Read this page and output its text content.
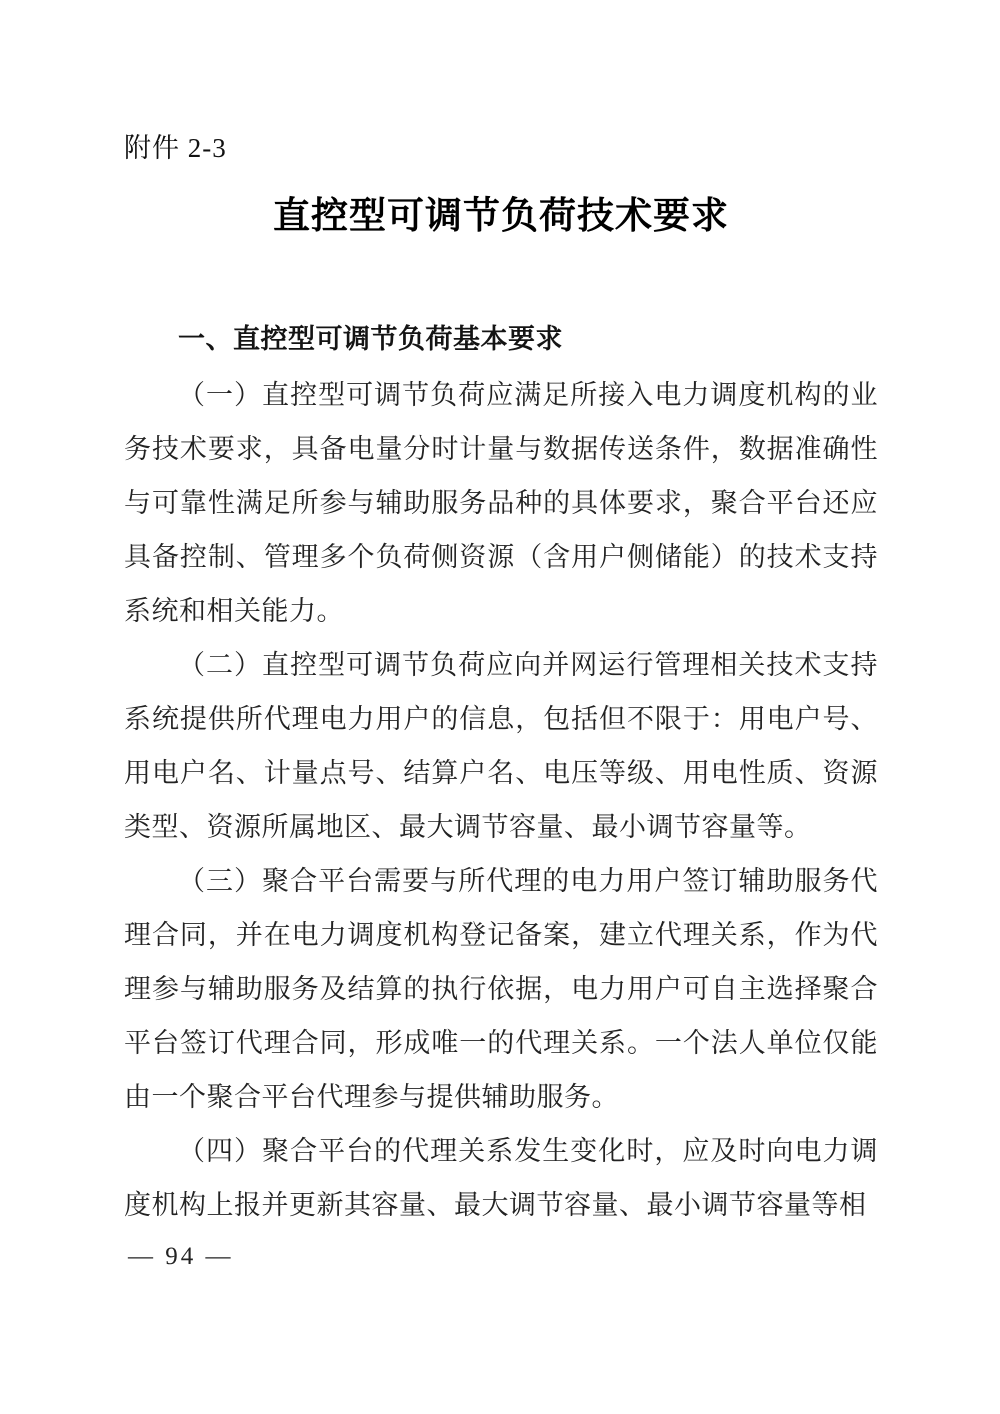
附件 2-3
直控型可调节负荷技术要求
一、直控型可调节负荷基本要求

（一）直控型可调节负荷应满足所接入电力调度机构的业务技术要求，具备电量分时计量与数据传送条件，数据准确性与可靠性满足所参与辅助服务品种的具体要求，聚合平台还应具备控制、管理多个负荷侧资源（含用户侧储能）的技术支持系统和相关能力。

（二）直控型可调节负荷应向并网运行管理相关技术支持系统提供所代理电力用户的信息，包括但不限于：用电户号、用电户名、计量点号、结算户名、电压等级、用电性质、资源类型、资源所属地区、最大调节容量、最小调节容量等。

（三）聚合平台需要与所代理的电力用户签订辅助服务代理合同，并在电力调度机构登记备案，建立代理关系，作为代理参与辅助服务及结算的执行依据，电力用户可自主选择聚合平台签订代理合同，形成唯一的代理关系。一个法人单位仅能由一个聚合平台代理参与提供辅助服务。

（四）聚合平台的代理关系发生变化时，应及时向电力调度机构上报并更新其容量、最大调节容量、最小调节容量等相

— 94 —
